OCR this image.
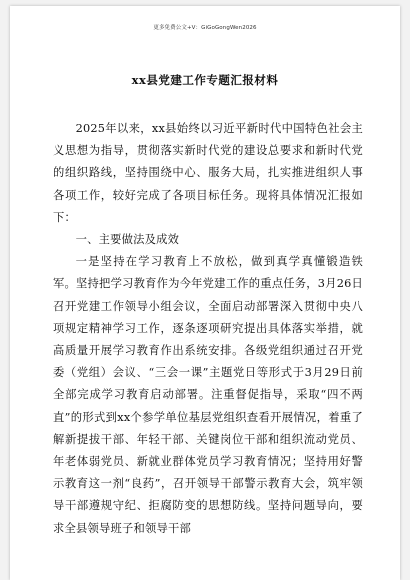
更多免费公文+V：GiGoGongWen2026
xx县党建工作专题汇报材料

2025年以来，xx县始终以习近平新时代中国特色社会主义思想为指导，贯彻落实新时代党的建设总要求和新时代党的组织路线，坚持围绕中心、服务大局，扎实推进组织人事各项工作，较好完成了各项目标任务。现将具体情况汇报如下：

一、主要做法及成效

一是坚持在学习教育上不放松，做到真学真懂锻造铁军。坚持把学习教育作为今年党建工作的重点任务，3月26日召开党建工作领导小组会议，全面启动部署深入贯彻中央八项规定精神学习工作，逐条逐项研究提出具体落实举措，就高质量开展学习教育作出系统安排。各级党组织通过召开党委（党组）会议、“三会一课”主题党日等形式于3月29日前全部完成学习教育启动部署。注重督促指导，采取“四不两直”的形式到xx个参学单位基层党组织查看开展情况，着重了解新提拔干部、年轻干部、关键岗位干部和组织流动党员、年老体弱党员、新就业群体党员学习教育情况；坚持用好警示教育这一剂“良药”，召开领导干部警示教育大会，筑牢领导干部遵规守纪、拒腐防变的思想防线。坚持问题导向，要求全县领导班子和领导干部
